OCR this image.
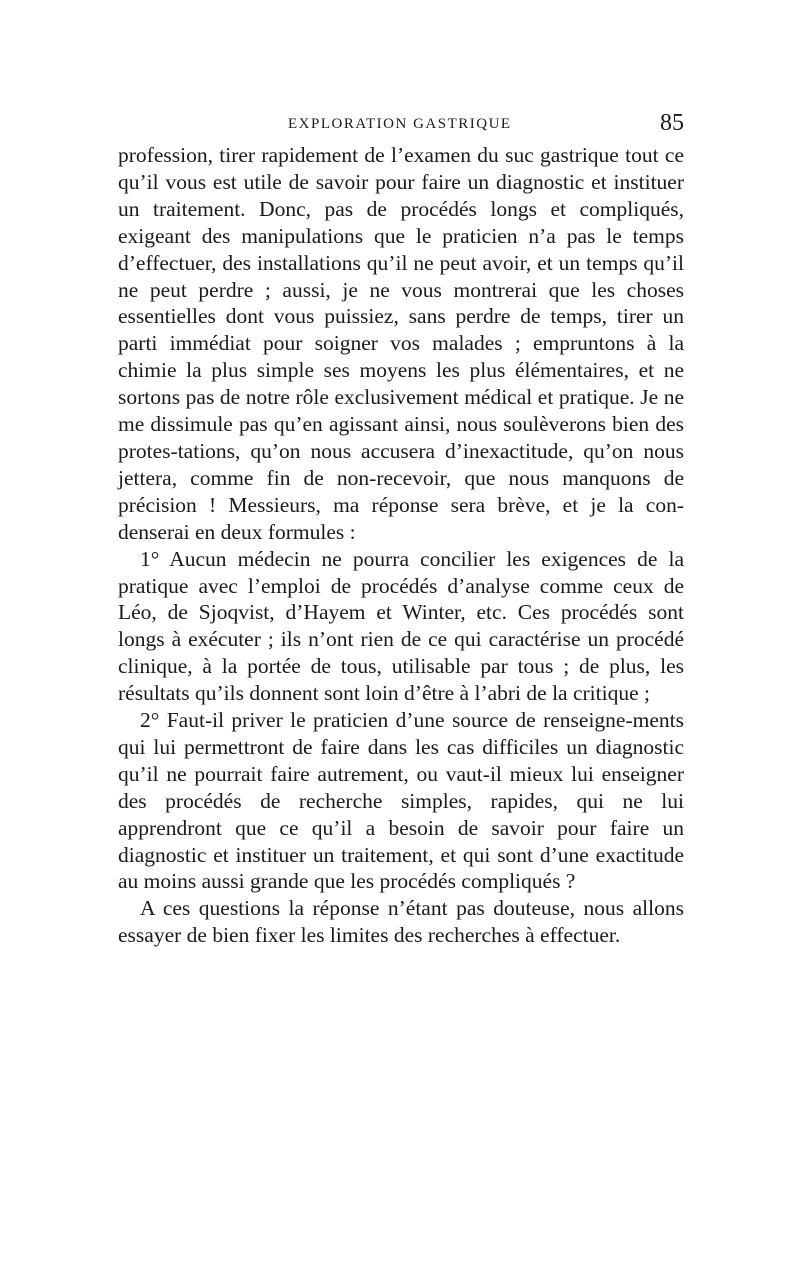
EXPLORATION GASTRIQUE	85

profession, tirer rapidement de l’examen du suc gastrique tout ce qu’il vous est utile de savoir pour faire un diagnostic et instituer un traitement. Donc, pas de procédés longs et compliqués, exigeant des manipulations que le praticien n’a pas le temps d’effectuer, des installations qu’il ne peut avoir, et un temps qu’il ne peut perdre ; aussi, je ne vous montrerai que les choses essentielles dont vous puissiez, sans perdre de temps, tirer un parti immédiat pour soigner vos malades ; empruntons à la chimie la plus simple ses moyens les plus élémentaires, et ne sortons pas de notre rôle exclusivement médical et pratique. Je ne me dissimule pas qu’en agissant ainsi, nous soulèverons bien des protes-tations, qu’on nous accusera d’inexactitude, qu’on nous jettera, comme fin de non-recevoir, que nous manquons de précision ! Messieurs, ma réponse sera brève, et je la con-denserai en deux formules :

1° Aucun médecin ne pourra concilier les exigences de la pratique avec l’emploi de procédés d’analyse comme ceux de Léo, de Sjoqvist, d’Hayem et Winter, etc. Ces procédés sont longs à exécuter ; ils n’ont rien de ce qui caractérise un procédé clinique, à la portée de tous, utilisable par tous ; de plus, les résultats qu’ils donnent sont loin d’être à l’abri de la critique ;

2° Faut-il priver le praticien d’une source de renseigne-ments qui lui permettront de faire dans les cas difficiles un diagnostic qu’il ne pourrait faire autrement, ou vaut-il mieux lui enseigner des procédés de recherche simples, rapides, qui ne lui apprendront que ce qu’il a besoin de savoir pour faire un diagnostic et instituer un traitement, et qui sont d’une exactitude au moins aussi grande que les procédés compliqués ?

A ces questions la réponse n’étant pas douteuse, nous allons essayer de bien fixer les limites des recherches à effectuer.
